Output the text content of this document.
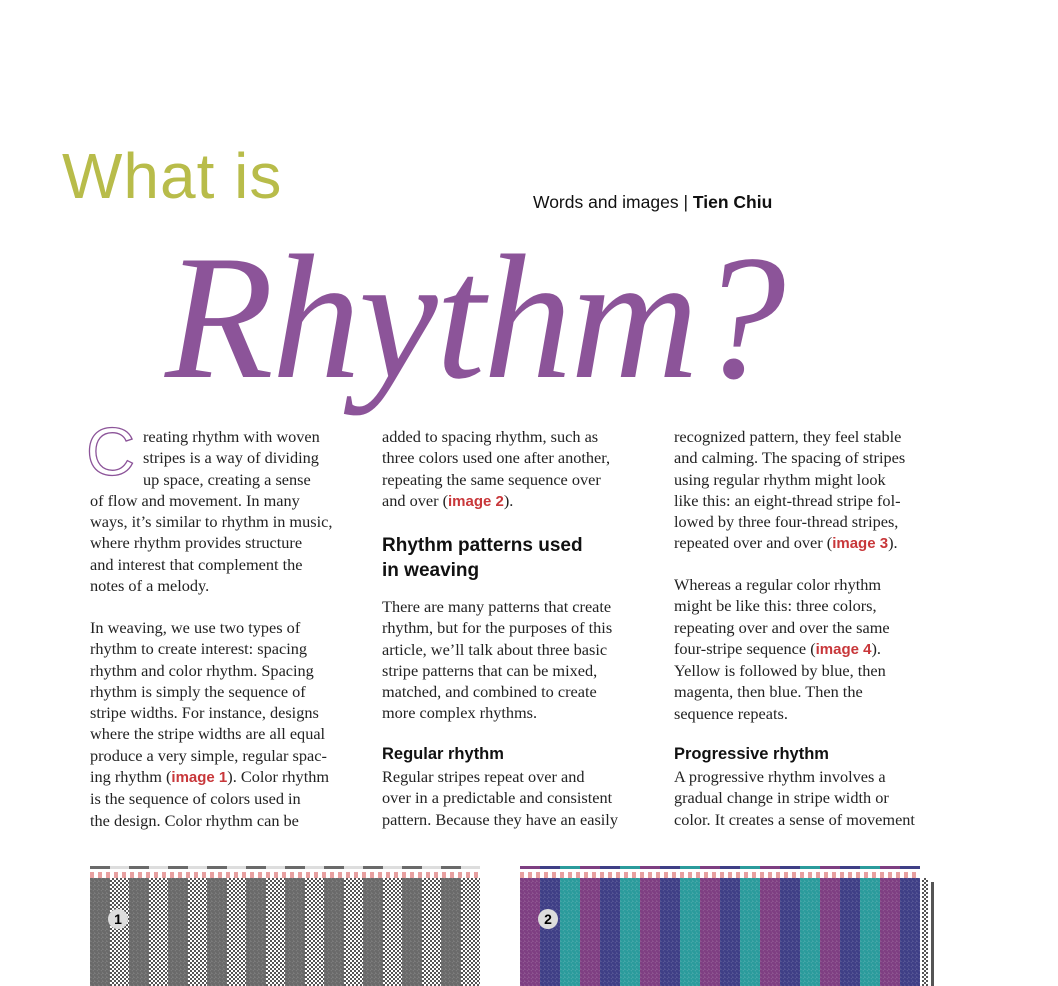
What is
Rhythm?
Words and images | Tien Chiu
Creating rhythm with woven
stripes is a way of dividing
up space, creating a sense
of flow and movement. In many
ways, it’s similar to rhythm in music,
where rhythm provides structure
and interest that complement the
notes of a melody.
In weaving, we use two types of
rhythm to create interest: spacing
rhythm and color rhythm. Spacing
rhythm is simply the sequence of
stripe widths. For instance, designs
where the stripe widths are all equal
produce a very simple, regular spac-
ing rhythm (image 1). Color rhythm
is the sequence of colors used in
the design. Color rhythm can be
added to spacing rhythm, such as
three colors used one after another,
repeating the same sequence over
and over (image 2).
Rhythm patterns used
in weaving
There are many patterns that create
rhythm, but for the purposes of this
article, we’ll talk about three basic
stripe patterns that can be mixed,
matched, and combined to create
more complex rhythms.
Regular rhythm
Regular stripes repeat over and
over in a predictable and consistent
pattern. Because they have an easily
recognized pattern, they feel stable
and calming. The spacing of stripes
using regular rhythm might look
like this: an eight-thread stripe fol-
lowed by three four-thread stripes,
repeated over and over (image 3).
Whereas a regular color rhythm
might be like this: three colors,
repeating over and over the same
four-stripe sequence (image 4).
Yellow is followed by blue, then
magenta, then blue. Then the
sequence repeats.
Progressive rhythm
A progressive rhythm involves a
gradual change in stripe width or
color. It creates a sense of movement
1	2
